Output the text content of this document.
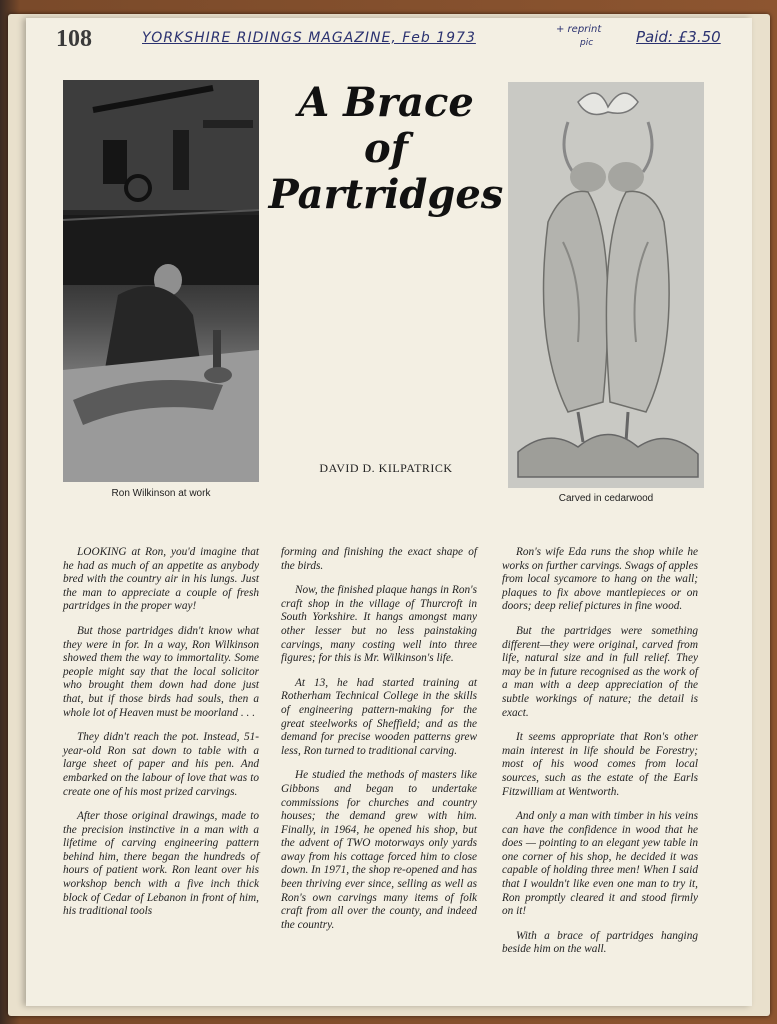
108	YORKSHIRE RIDINGS MAGAZINE, Feb 1973
+ reprint
pic	Paid: £3.50
Ron Wilkinson at work
A Brace
of
Partridges
DAVID D. KILPATRICK
Carved in cedarwood

LOOKING at Ron, you'd imagine that he had as much of an appetite as anybody bred with the country air in his lungs. Just the man to appreciate a couple of fresh partridges in the proper way!

But those partridges didn't know what they were in for. In a way, Ron Wilkinson showed them the way to immortality. Some people might say that the local solicitor who brought them down had done just that, but if those birds had souls, then a whole lot of Heaven must be moorland . . .

They didn't reach the pot. Instead, 51-year-old Ron sat down to table with a large sheet of paper and his pen. And embarked on the labour of love that was to create one of his most prized carvings.

After those original drawings, made to the precision instinctive in a man with a lifetime of carving engineering pattern behind him, there began the hundreds of hours of patient work. Ron leant over his workshop bench with a five inch thick block of Cedar of Lebanon in front of him, his traditional tools

forming and finishing the exact shape of the birds.

Now, the finished plaque hangs in Ron's craft shop in the village of Thurcroft in South Yorkshire. It hangs amongst many other lesser but no less painstaking carvings, many costing well into three figures; for this is Mr. Wilkinson's life.

At 13, he had started training at Rotherham Technical College in the skills of engineering pattern-making for the great steelworks of Sheffield; and as the demand for precise wooden patterns grew less, Ron turned to traditional carving.

He studied the methods of masters like Gibbons and began to undertake commissions for churches and country houses; the demand grew with him. Finally, in 1964, he opened his shop, but the advent of TWO motorways only yards away from his cottage forced him to close down. In 1971, the shop re-opened and has been thriving ever since, selling as well as Ron's own carvings many items of folk craft from all over the county, and indeed the country.

Ron's wife Eda runs the shop while he works on further carvings. Swags of apples from local sycamore to hang on the wall; plaques to fix above mantlepieces or on doors; deep relief pictures in fine wood.

But the partridges were something different—they were original, carved from life, natural size and in full relief. They may be in future recognised as the work of a man with a deep appreciation of the subtle workings of nature; the detail is exact.

It seems appropriate that Ron's other main interest in life should be Forestry; most of his wood comes from local sources, such as the estate of the Earls Fitzwilliam at Wentworth.

And only a man with timber in his veins can have the confidence in wood that he does — pointing to an elegant yew table in one corner of his shop, he decided it was capable of holding three men! When I said that I wouldn't like even one man to try it, Ron promptly cleared it and stood firmly on it!

With a brace of partridges hanging beside him on the wall.
